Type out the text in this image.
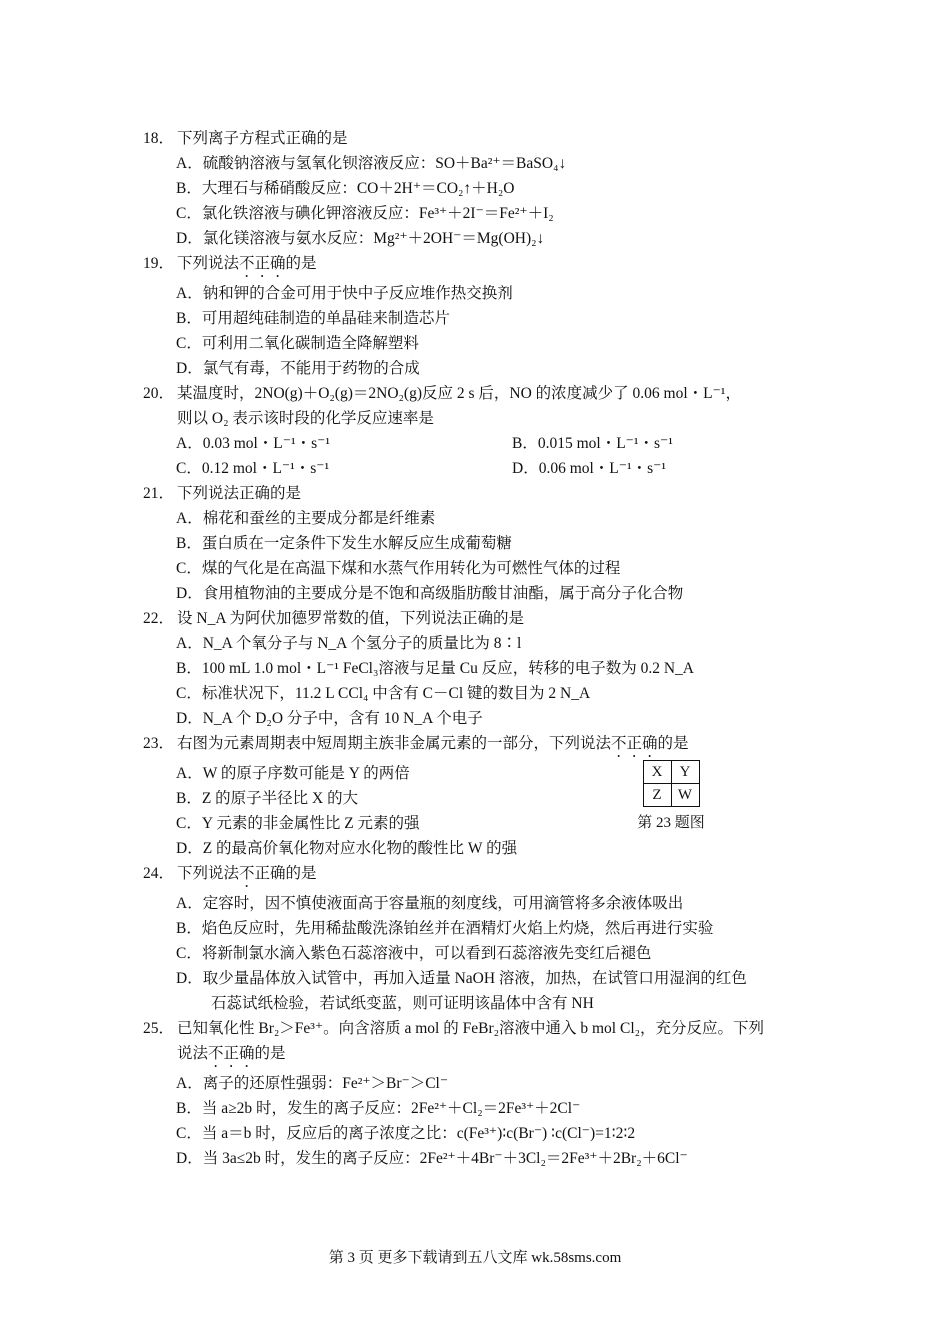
18． 下列离子方程式正确的是
A．硫酸钠溶液与氢氧化钡溶液反应：SO＋Ba²⁺＝BaSO₄↓
B．大理石与稀硝酸反应：CO＋2H⁺＝CO₂↑＋H₂O
C．氯化铁溶液与碘化钾溶液反应：Fe³⁺＋2I⁻＝Fe²⁺＋I₂
D．氯化镁溶液与氨水反应：Mg²⁺＋2OH⁻＝Mg(OH)₂↓
19． 下列说法不正确的是
A．钠和钾的合金可用于快中子反应堆作热交换剂
B．可用超纯硅制造的单晶硅来制造芯片
C．可利用二氧化碳制造全降解塑料
D．氯气有毒，不能用于药物的合成
20． 某温度时，2NO(g)＋O₂(g)＝2NO₂(g)反应 2 s 后，NO 的浓度减少了 0.06 mol・L⁻¹，
则以 O₂ 表示该时段的化学反应速率是
A．0.03 mol・L⁻¹・s⁻¹	B．0.015 mol・L⁻¹・s⁻¹
C．0.12 mol・L⁻¹・s⁻¹	D．0.06 mol・L⁻¹・s⁻¹
21． 下列说法正确的是
A．棉花和蚕丝的主要成分都是纤维素
B．蛋白质在一定条件下发生水解反应生成葡萄糖
C．煤的气化是在高温下煤和水蒸气作用转化为可燃性气体的过程
D．食用植物油的主要成分是不饱和高级脂肪酸甘油酯，属于高分子化合物
22． 设 N_A 为阿伏加德罗常数的值，下列说法正确的是
A．N_A 个氧分子与 N_A 个氢分子的质量比为 8∶l
B．100 mL 1.0 mol・L⁻¹ FeCl₃溶液与足量 Cu 反应，转移的电子数为 0.2 N_A
C．标准状况下，11.2 L CCl₄ 中含有 C－Cl 键的数目为 2 N_A
D．N_A 个 D₂O 分子中，含有 10 N_A 个电子
23． 右图为元素周期表中短周期主族非金属元素的一部分，下列说法不正确的是
A．W 的原子序数可能是 Y 的两倍
B．Z 的原子半径比 X 的大
C．Y 元素的非金属性比 Z 元素的强
D．Z 的最高价氧化物对应水化物的酸性比 W 的强
24． 下列说法不正确的是
A．定容时，因不慎使液面高于容量瓶的刻度线，可用滴管将多余液体吸出
B．焰色反应时，先用稀盐酸洗涤铂丝并在酒精灯火焰上灼烧，然后再进行实验
C．将新制氯水滴入紫色石蕊溶液中，可以看到石蕊溶液先变红后褪色
D．取少量晶体放入试管中，再加入适量 NaOH 溶液，加热，在试管口用湿润的红色
石蕊试纸检验，若试纸变蓝，则可证明该晶体中含有 NH
25． 已知氧化性 Br₂＞Fe³⁺。向含溶质 a mol 的 FeBr₂溶液中通入 b mol Cl₂，充分反应。下列
说法不正确的是
A．离子的还原性强弱：Fe²⁺＞Br⁻＞Cl⁻
B．当 a≥2b 时，发生的离子反应：2Fe²⁺＋Cl₂＝2Fe³⁺＋2Cl⁻
C．当 a＝b 时，反应后的离子浓度之比：c(Fe³⁺)∶c(Br⁻) ∶c(Cl⁻)=1∶2∶2
D．当 3a≤2b 时，发生的离子反应：2Fe²⁺＋4Br⁻＋3Cl₂＝2Fe³⁺＋2Br₂＋6Cl⁻
X	Y
Z	W
第 23 题图
第 3 页 更多下载请到五八文库 wk.58sms.com
